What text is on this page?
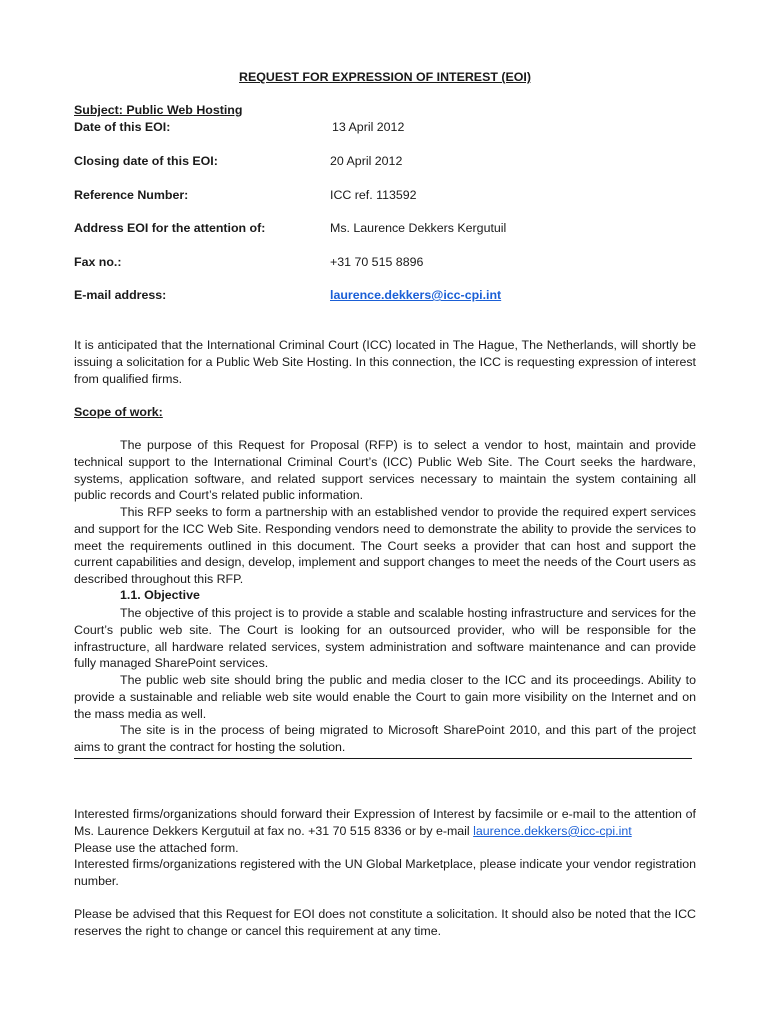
REQUEST FOR EXPRESSION OF INTEREST (EOI)
Subject: Public Web Hosting
Date of this EOI:	13 April 2012
Closing date of this EOI:	20 April 2012
Reference Number:	ICC ref. 113592
Address EOI for the attention of:	Ms. Laurence Dekkers Kergutuil
Fax no.:	+31 70 515 8896
E-mail address:	laurence.dekkers@icc-cpi.int
It is anticipated that the International Criminal Court (ICC) located in The Hague, The Netherlands, will shortly be issuing a solicitation for a Public Web Site Hosting. In this connection, the ICC is requesting expression of interest from qualified firms.
Scope of work:
The purpose of this Request for Proposal (RFP) is to select a vendor to host, maintain and provide technical support to the International Criminal Court’s (ICC) Public Web Site. The Court seeks the hardware, systems, application software, and related support services necessary to maintain the system containing all public records and Court’s related public information.
This RFP seeks to form a partnership with an established vendor to provide the required expert services and support for the ICC Web Site. Responding vendors need to demonstrate the ability to provide the services to meet the requirements outlined in this document. The Court seeks a provider that can host and support the current capabilities and design, develop, implement and support changes to meet the needs of the Court users as described throughout this RFP.
1.1. Objective
The objective of this project is to provide a stable and scalable hosting infrastructure and services for the Court’s public web site. The Court is looking for an outsourced provider, who will be responsible for the infrastructure, all hardware related services, system administration and software maintenance and can provide fully managed SharePoint services.
The public web site should bring the public and media closer to the ICC and its proceedings. Ability to provide a sustainable and reliable web site would enable the Court to gain more visibility on the Internet and on the mass media as well.
The site is in the process of being migrated to Microsoft SharePoint 2010, and this part of the project aims to grant the contract for hosting the solution.
Interested firms/organizations should forward their Expression of Interest by facsimile or e-mail to the attention of Ms. Laurence Dekkers Kergutuil at fax no. +31 70 515 8336 or by e-mail laurence.dekkers@icc-cpi.int
Please use the attached form.
Interested firms/organizations registered with the UN Global Marketplace, please indicate your vendor registration number.
Please be advised that this Request for EOI does not constitute a solicitation. It should also be noted that the ICC reserves the right to change or cancel this requirement at any time.
